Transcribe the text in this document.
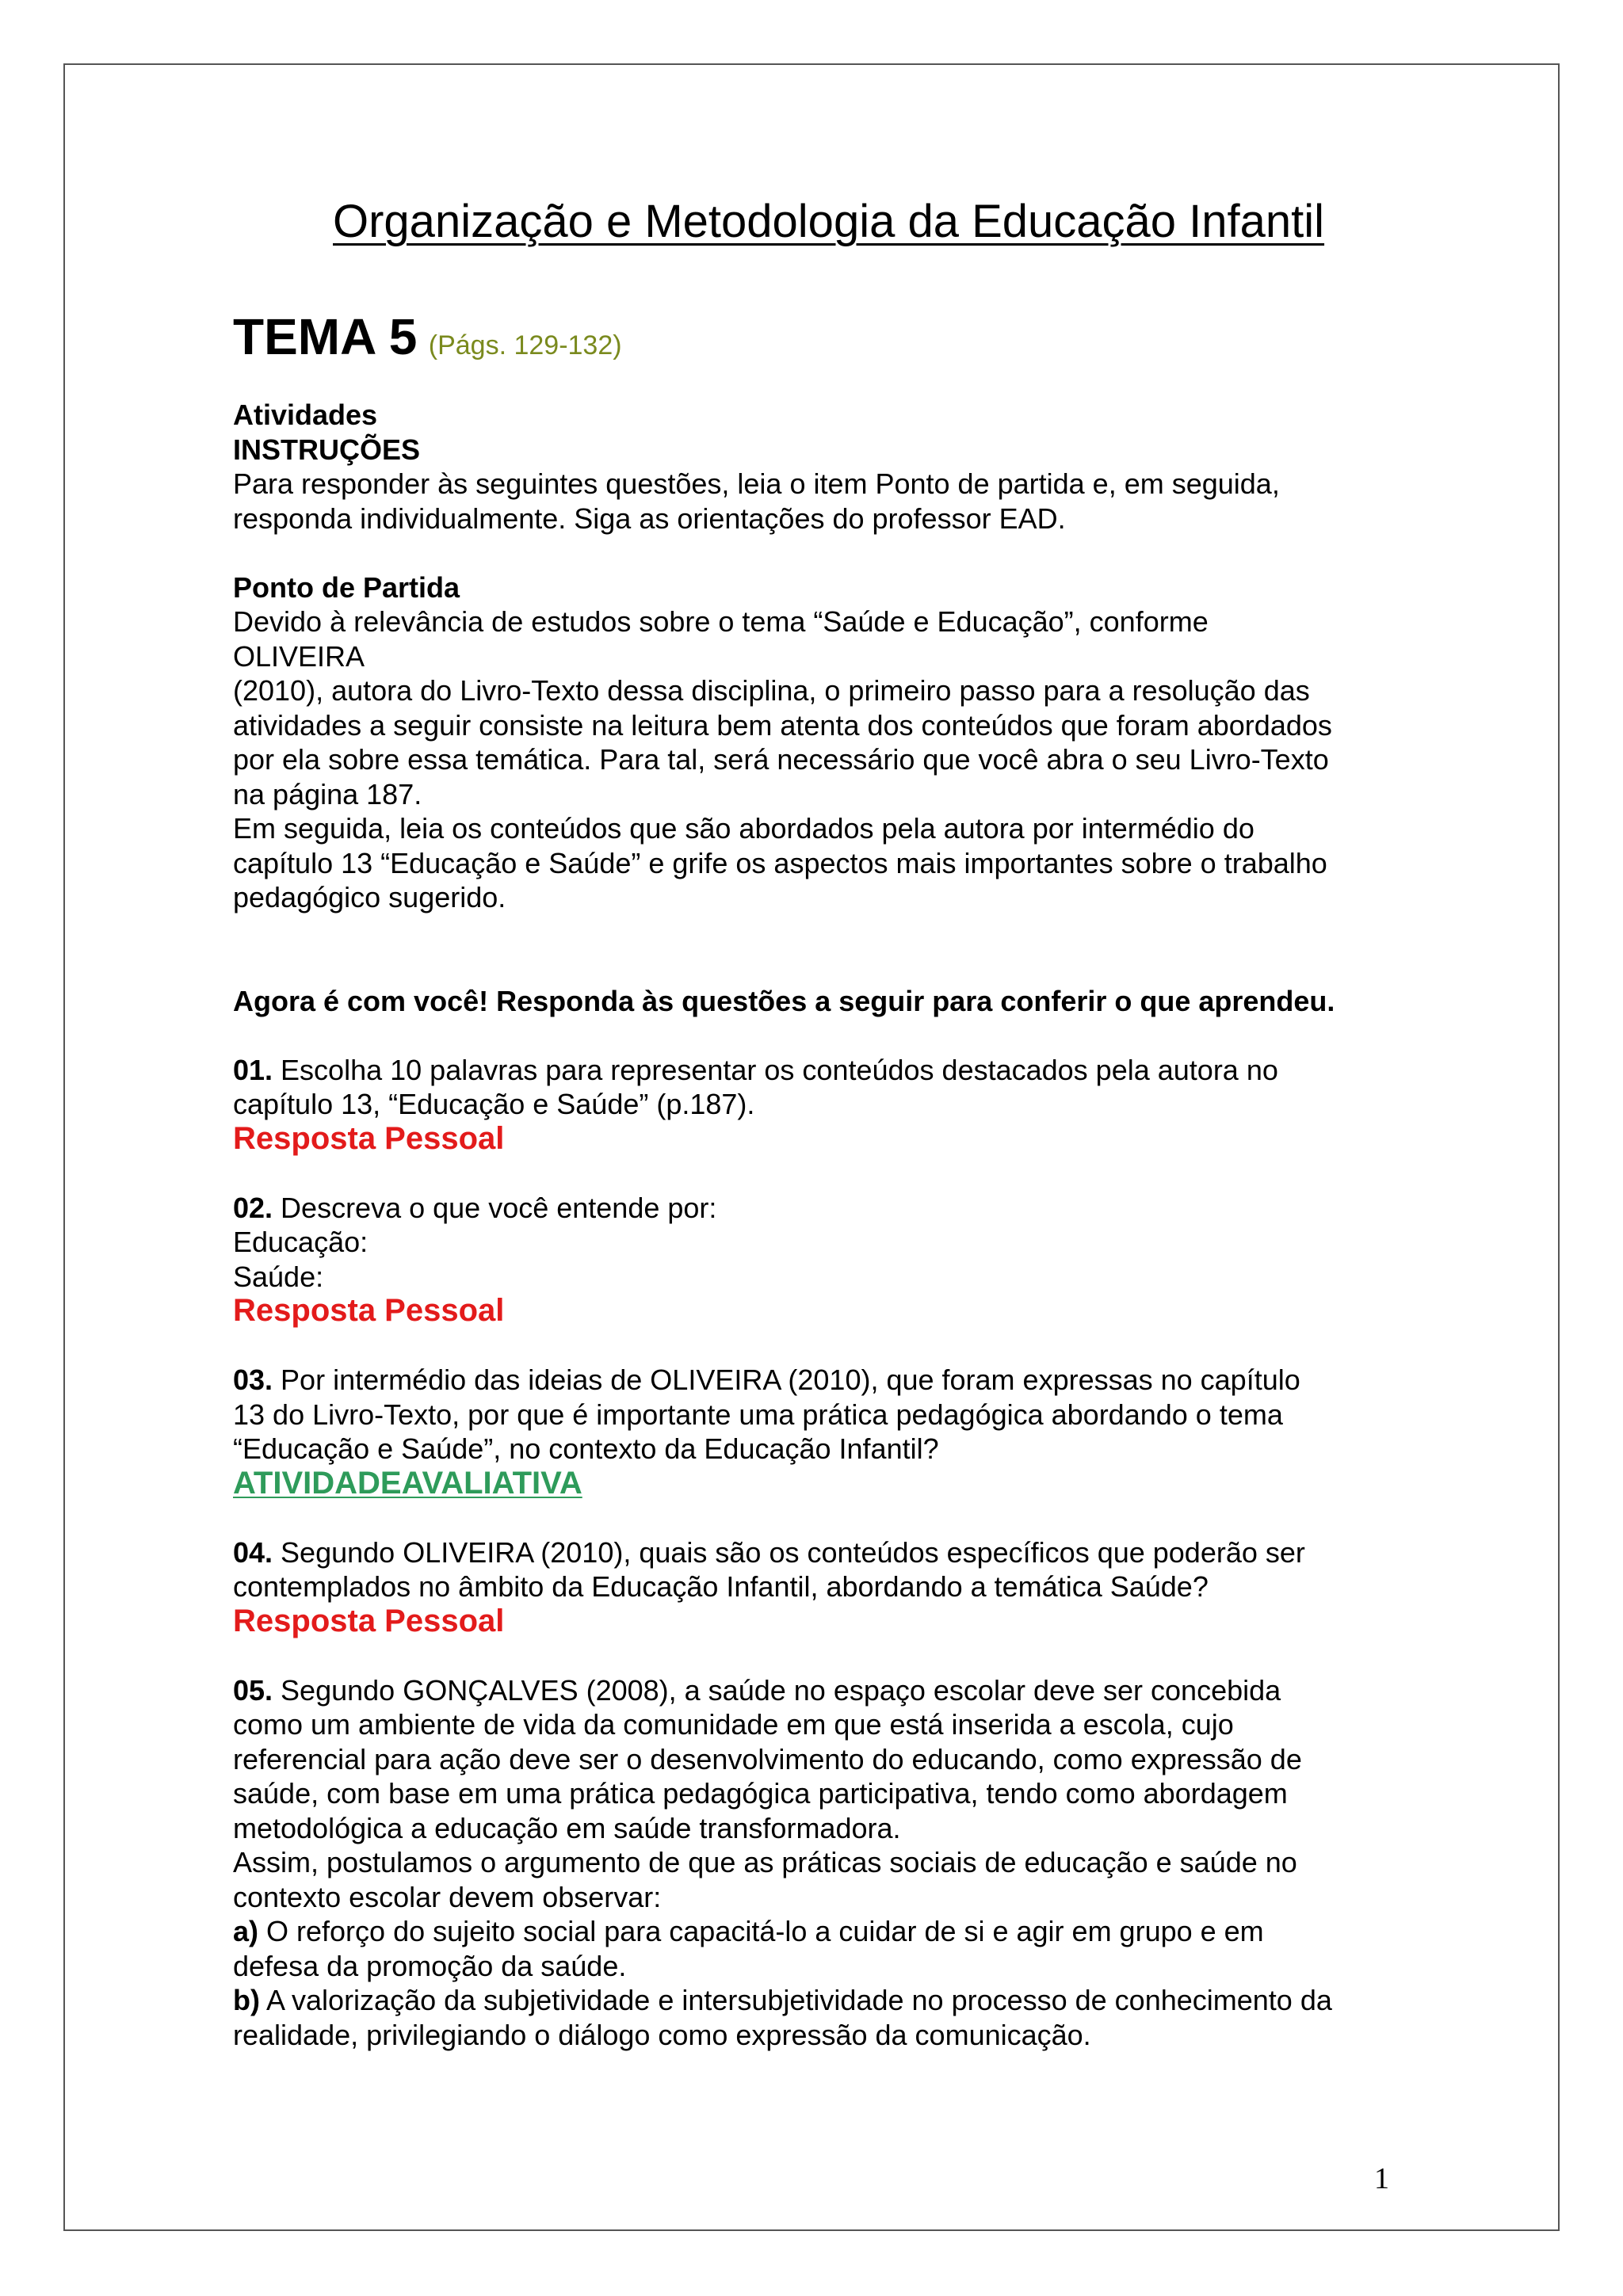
Organização e Metodologia da Educação Infantil
TEMA 5 (Págs. 129-132)

Atividades

INSTRUÇÕES

Para responder às seguintes questões, leia o item Ponto de partida e, em seguida,

responda individualmente. Siga as orientações do professor EAD.

Ponto de Partida

Devido à relevância de estudos sobre o tema “Saúde e Educação”, conforme

OLIVEIRA

(2010), autora do Livro-Texto dessa disciplina, o primeiro passo para a resolução das

atividades a seguir consiste na leitura bem atenta dos conteúdos que foram abordados

por ela sobre essa temática. Para tal, será necessário que você abra o seu Livro-Texto

na página 187.

Em seguida, leia os conteúdos que são abordados pela autora por intermédio do

capítulo 13 “Educação e Saúde” e grife os aspectos mais importantes sobre o trabalho

pedagógico sugerido.

Agora é com você! Responda às questões a seguir para conferir o que aprendeu.

01. Escolha 10 palavras para representar os conteúdos destacados pela autora no

capítulo 13, “Educação e Saúde” (p.187).

Resposta Pessoal

02. Descreva o que você entende por:

Educação:

Saúde:

Resposta Pessoal

03. Por intermédio das ideias de OLIVEIRA (2010), que foram expressas no capítulo

13 do Livro-Texto, por que é importante uma prática pedagógica abordando o tema

“Educação e Saúde”, no contexto da Educação Infantil?

ATIVIDADEAVALIATIVA

04. Segundo OLIVEIRA (2010), quais são os conteúdos específicos que poderão ser

contemplados no âmbito da Educação Infantil, abordando a temática Saúde?

Resposta Pessoal

05. Segundo GONÇALVES (2008), a saúde no espaço escolar deve ser concebida

como um ambiente de vida da comunidade em que está inserida a escola, cujo

referencial para ação deve ser o desenvolvimento do educando, como expressão de

saúde, com base em uma prática pedagógica participativa, tendo como abordagem

metodológica a educação em saúde transformadora.

Assim, postulamos o argumento de que as práticas sociais de educação e saúde no

contexto escolar devem observar:

a) O reforço do sujeito social para capacitá-lo a cuidar de si e agir em grupo e em

defesa da promoção da saúde.

b) A valorização da subjetividade e intersubjetividade no processo de conhecimento da

realidade, privilegiando o diálogo como expressão da comunicação.

1
